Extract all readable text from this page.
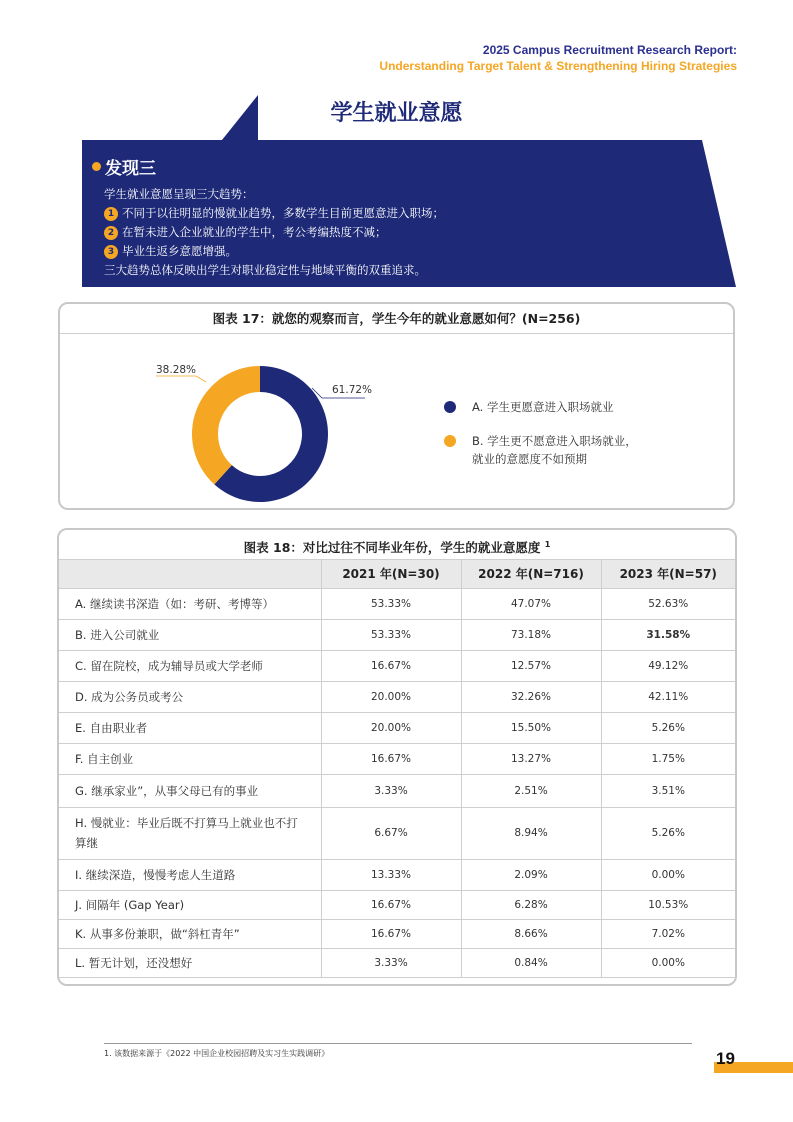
2025 Campus Recruitment Research Report:
Understanding Target Talent & Strengthening Hiring Strategies
学生就业意愿
发现三
学生就业意愿呈现三大趋势：
1 不同于以往明显的慢就业趋势，多数学生目前更愿意进入职场；
2 在暂未进入企业就业的学生中，考公考编热度不减；
3 毕业生返乡意愿增强。
三大趋势总体反映出学生对职业稳定性与地域平衡的双重追求。
图表 17：就您的观察而言，学生今年的就业意愿如何？(N=256)
61.72%
38.28%
A. 学生更愿意进入职场就业
B. 学生更不愿意进入职场就业，
就业的意愿度不如预期
图表 18：对比过往不同毕业年份，学生的就业意愿度 $^1$
	2021 年(N=30)	2022 年(N=716)	2023 年(N=57)
A. 继续读书深造（如：考研、考博等）	53.33%	47.07%	52.63%
B. 进入公司就业	53.33%	73.18%	31.58%
C. 留在院校，成为辅导员或大学老师	16.67%	12.57%	49.12%
D. 成为公务员或考公	20.00%	32.26%	42.11%
E. 自由职业者	20.00%	15.50%	5.26%
F. 自主创业	16.67%	13.27%	1.75%
G. 继承家业”，从事父母已有的事业	3.33%	2.51%	3.51%
H. 慢就业：毕业后既不打算马上就业也不打算继	6.67%	8.94%	5.26%
I. 继续深造，慢慢考虑人生道路	13.33%	2.09%	0.00%
J. 间隔年 (Gap Year)	16.67%	6.28%	10.53%
K. 从事多份兼职，做“斜杠青年”	16.67%	8.66%	7.02%
L. 暂无计划，还没想好	3.33%	0.84%	0.00%
1. 该数据来源于《2022 中国企业校园招聘及实习生实践调研》	19
